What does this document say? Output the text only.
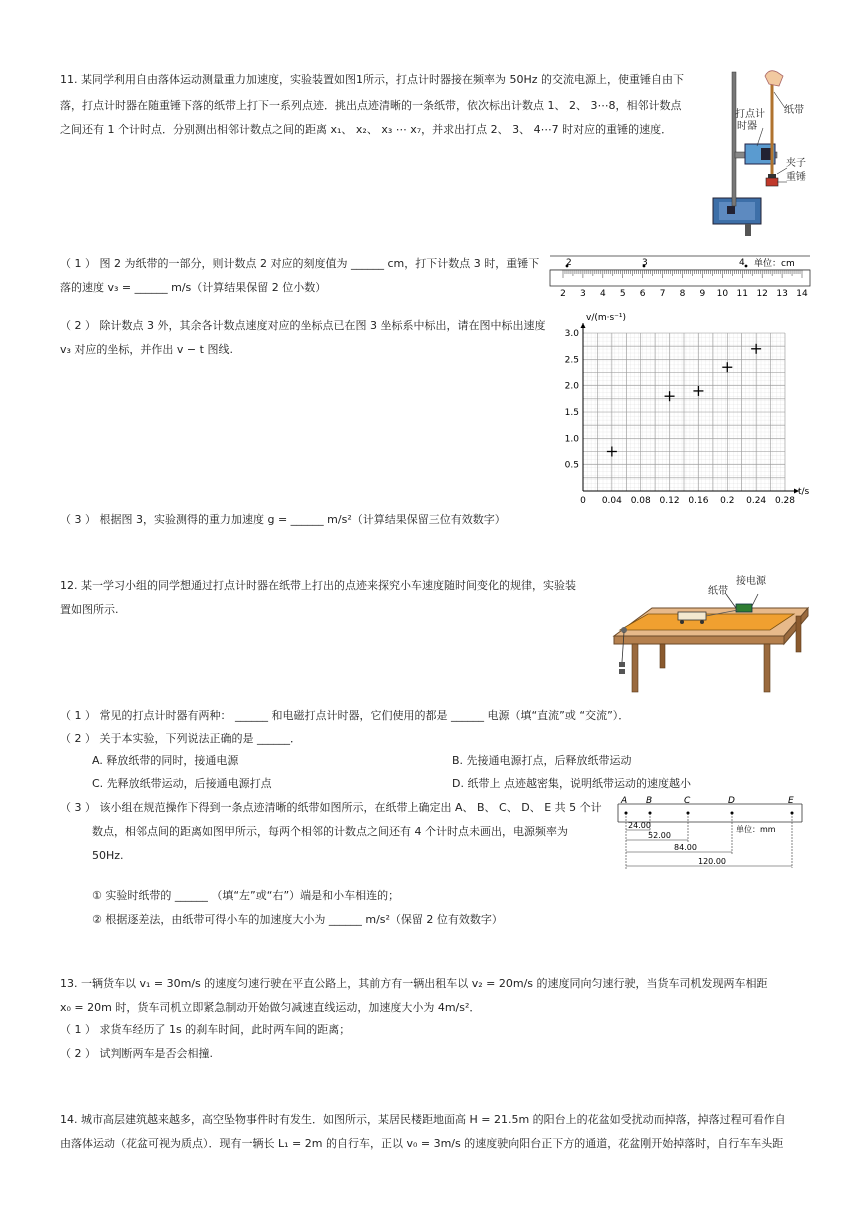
11. 某同学利用自由落体运动测量重力加速度，实验装置如图1所示，打点计时器接在频率为 50Hz 的交流电源上，使重锤自由下
落，打点计时器在随重锤下落的纸带上打下一系列点迹．挑出点迹清晰的一条纸带，依次标出计数点 1、 2、 3⋯8，相邻计数点
之间还有 1 个计时点．分别测出相邻计数点之间的距离 x₁、 x₂、 x₃ ⋯ x₇，并求出打点 2、 3、 4⋯7 时对应的重锤的速度．
纸带
打点计
时器
夹子
重锤
（ 1 ） 图 2 为纸带的一部分，则计数点 2 对应的刻度值为 ______ cm，打下计数点 3 时，重锤下
落的速度 v₃ = ______ m/s（计算结果保留 2 位小数）	2 3 4 5 6 7 8 9 10 11 12 13 14
2	3	4 单位：cm
（ 2 ） 除计数点 3 外，其余各计数点速度对应的坐标点已在图 3 坐标系中标出，请在图中标出速度
v₃ 对应的坐标，并作出 v − t 图线.
0 0.04 0.08 0.12 0.16 0.2 0.24 0.28
0.5
1.0
1.5
2.0
2.5
3.0
v/(m·s⁻¹)
t/s
（ 3 ） 根据图 3，实验测得的重力加速度 g = ______ m/s²（计算结果保留三位有效数字）
12. 某一学习小组的同学想通过打点计时器在纸带上打出的点迹来探究小车速度随时间变化的规律，实验装
置如图所示.
接电源
纸带
（ 1 ） 常见的打点计时器有两种： ______ 和电磁打点计时器，它们使用的都是 ______ 电源（填“直流”或 “交流”）．
（ 2 ） 关于本实验，下列说法正确的是 ______．
A. 释放纸带的同时，接通电源	B. 先接通电源打点，后释放纸带运动
C. 先释放纸带运动，后接通电源打点	D. 纸带上 点迹越密集，说明纸带运动的速度越小
（ 3 ） 该小组在规范操作下得到一条点迹清晰的纸带如图所示，在纸带上确定出 A、 B、 C、 D、 E 共 5 个计
数点，相邻点间的距离如图甲所示，每两个相邻的计数点之间还有 4 个计时点未画出，电源频率为
50Hz.
A B	C	D	E
24.00
52.00
84.00
120.00
单位：mm
① 实验时纸带的 ______ （填“左”或“右”）端是和小车相连的；
② 根据逐差法，由纸带可得小车的加速度大小为 ______ m/s²（保留 2 位有效数字）
13. 一辆货车以 v₁ = 30m/s 的速度匀速行驶在平直公路上，其前方有一辆出租车以 v₂ = 20m/s 的速度同向匀速行驶，当货车司机发现两车相距
x₀ = 20m 时，货车司机立即紧急制动开始做匀减速直线运动，加速度大小为 4m/s²．
（ 1 ） 求货车经历了 1s 的刹车时间，此时两车间的距离；
（ 2 ） 试判断两车是否会相撞.
14. 城市高层建筑越来越多，高空坠物事件时有发生．如图所示，某居民楼距地面高 H = 21.5m 的阳台上的花盆如受扰动而掉落，掉落过程可看作自
由落体运动（花盆可视为质点）．现有一辆长 L₁ = 2m 的自行车，正以 v₀ = 3m/s 的速度驶向阳台正下方的通道，花盆刚开始掉落时，自行车车头距
